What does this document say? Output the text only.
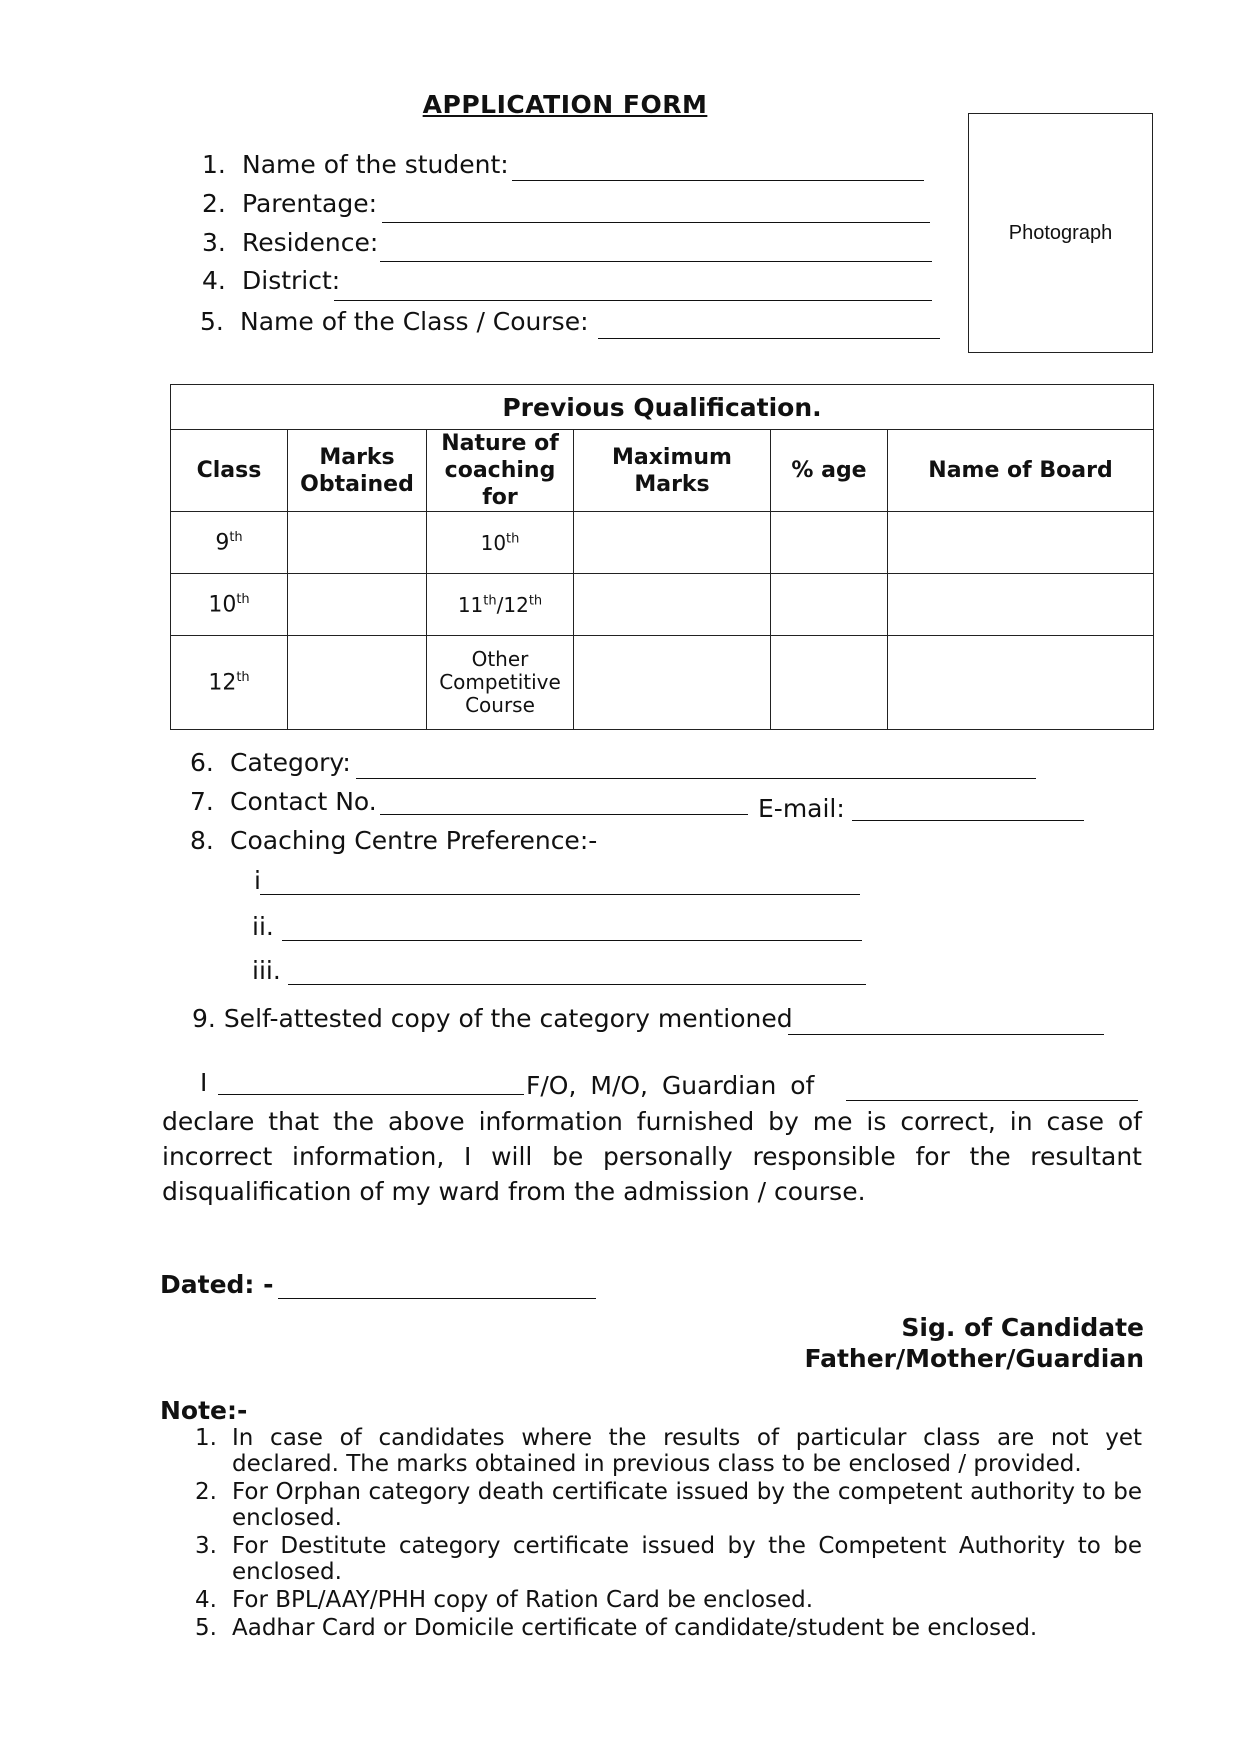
APPLICATION FORM
Photograph
1. Name of the student:
2. Parentage:
3. Residence:
4. District:
5. Name of the Class / Course:
Previous Qualification.					
Class	Marks Obtained	Nature of coaching for	Maximum Marks	% age	Name of Board
9th		10th			
10th		11th/12th			
12th		Other
Competitive
Course			
6. Category:
7. Contact No.	E-mail:
8. Coaching Centre Preference:-
i
ii.
iii.
9. Self-attested copy of the category mentioned
I	F/O, M/O, Guardian of
declare that the above information furnished by me is correct, in case of incorrect information, I will be personally responsible for the resultant disqualification of my ward from the admission / course.
Dated: -
Sig. of Candidate
Father/Mother/Guardian
Note:-
1. In case of candidates where the results of particular class are not yet declared. The marks obtained in previous class to be enclosed / provided.
2. For Orphan category death certificate issued by the competent authority to be enclosed.
3. For Destitute category certificate issued by the Competent Authority to be enclosed.
4. For BPL/AAY/PHH copy of Ration Card be enclosed.
5. Aadhar Card or Domicile certificate of candidate/student be enclosed.
